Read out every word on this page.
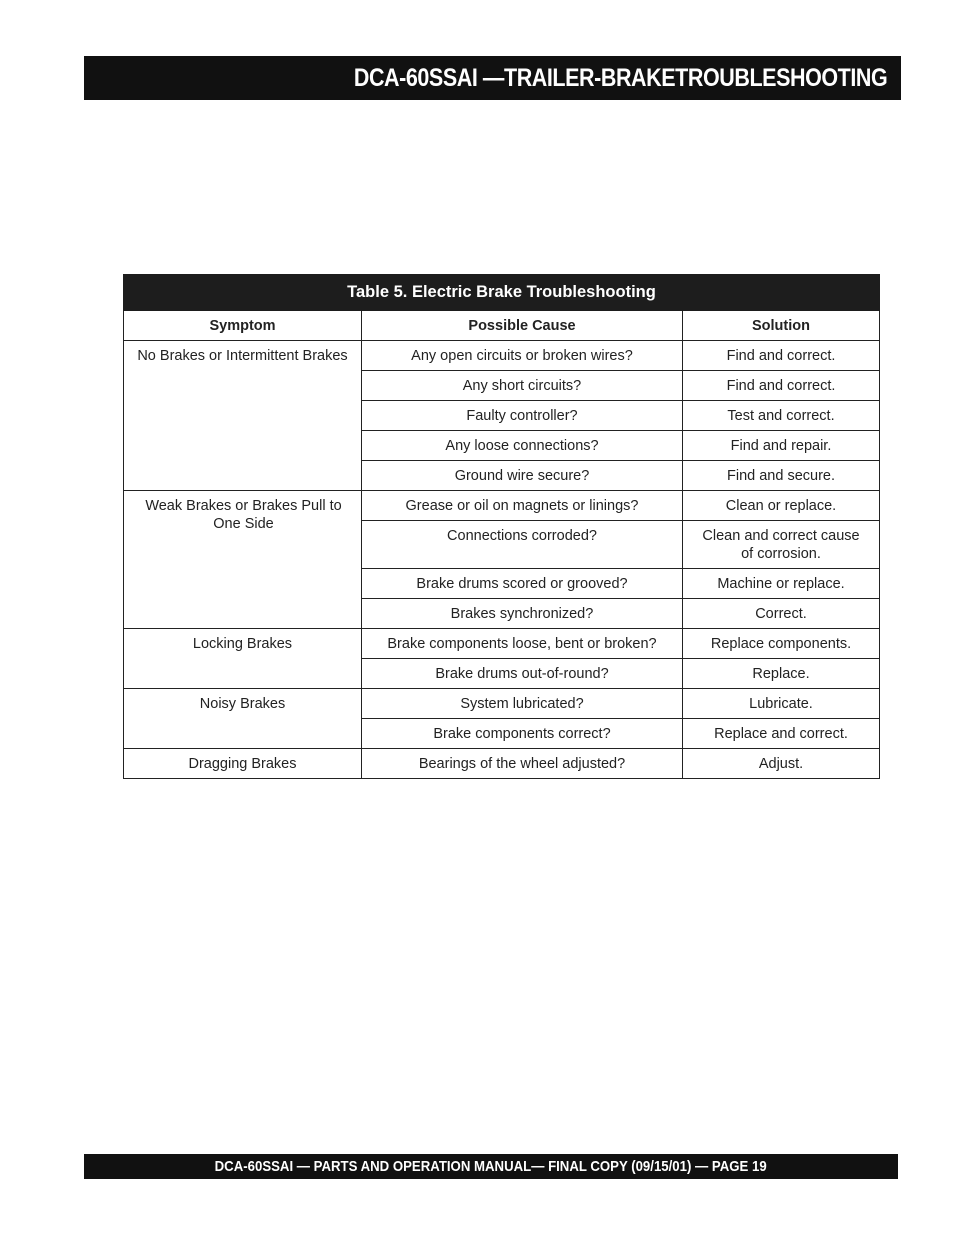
DCA-60SSAI —TRAILER-BRAKETROUBLESHOOTING
Table 5. Electric Brake Troubleshooting		
Symptom	Possible Cause	Solution
No Brakes or Intermittent Brakes	Any open circuits or broken wires?	Find and correct.
	Any short circuits?	Find and correct.
	Faulty controller?	Test and correct.
	Any loose connections?	Find and repair.
	Ground wire secure?	Find and secure.
Weak Brakes or Brakes Pull to One Side	Grease or oil on magnets or linings?	Clean or replace.
	Connections corroded?	Clean and correct cause of corrosion.
	Brake drums scored or grooved?	Machine or replace.
	Brakes synchronized?	Correct.
Locking Brakes	Brake components loose, bent or broken?	Replace components.
	Brake drums out-of-round?	Replace.
Noisy Brakes	System lubricated?	Lubricate.
	Brake components correct?	Replace and correct.
Dragging Brakes	Bearings of the wheel adjusted?	Adjust.
DCA-60SSAI — PARTS AND OPERATION MANUAL— FINAL COPY (09/15/01) — PAGE 19
